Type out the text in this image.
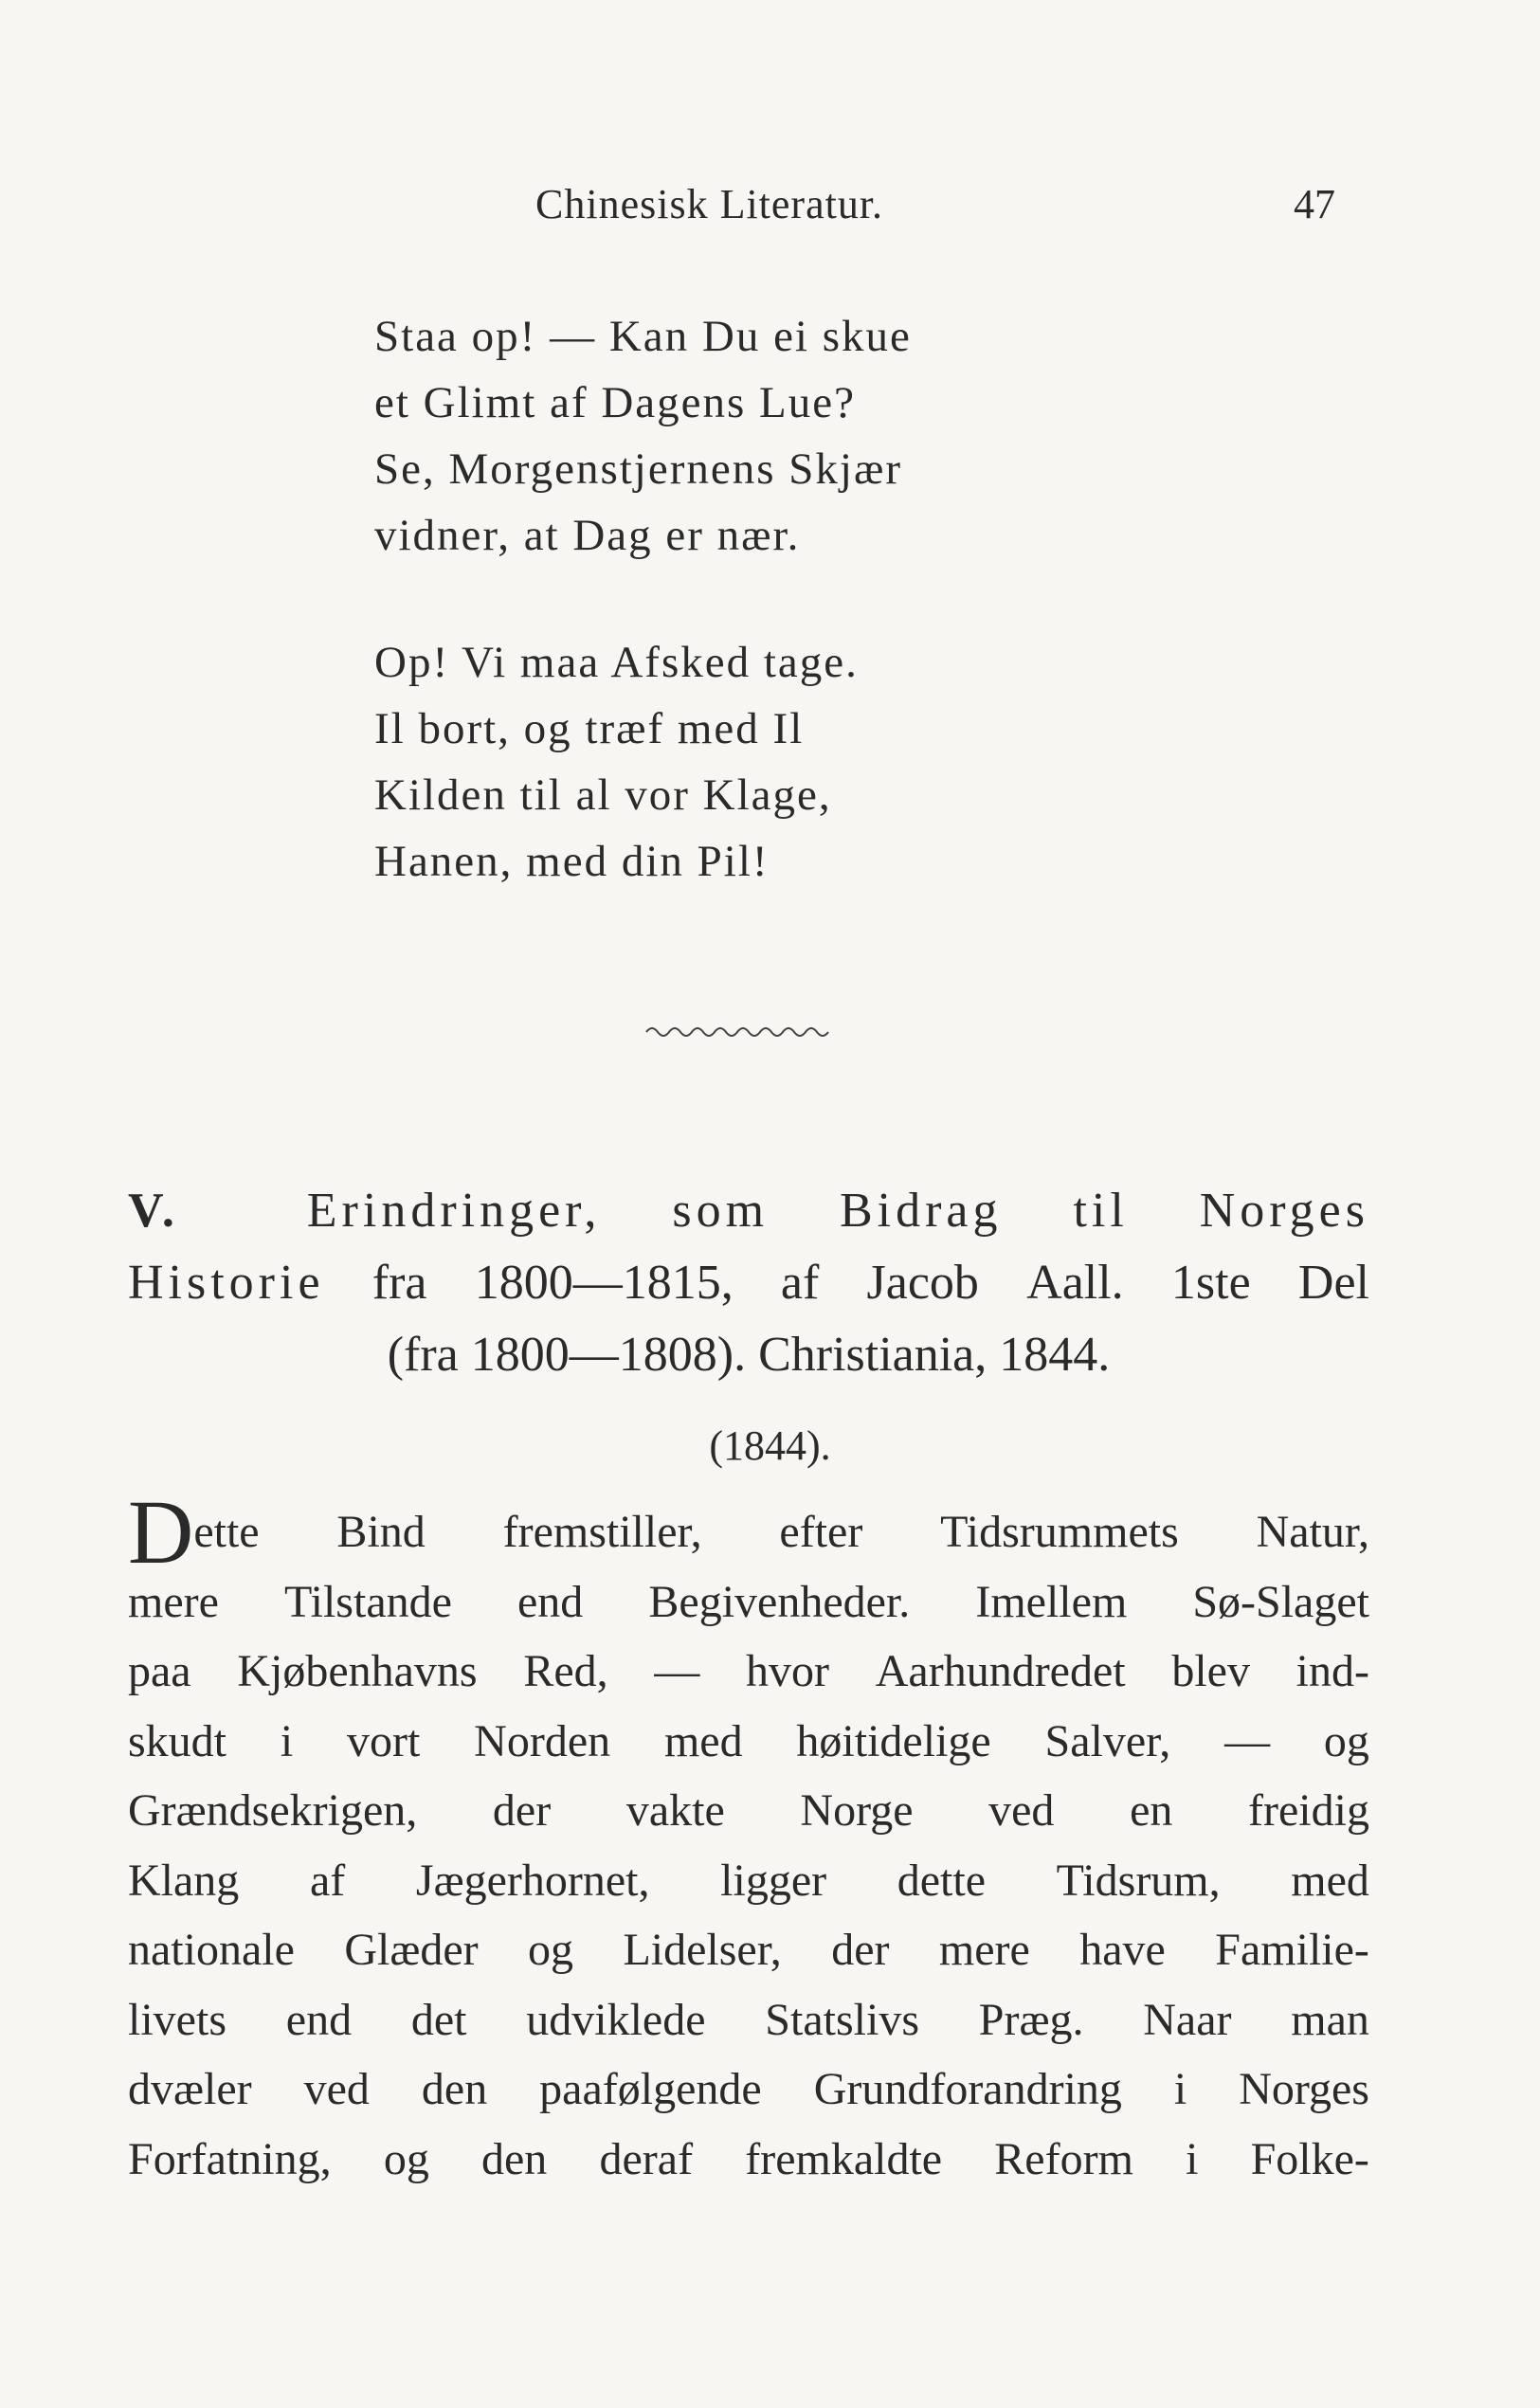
Chinesisk Literatur.	47
Staa op! — Kan Du ei skue
et Glimt af Dagens Lue?
Se, Morgenstjernens Skjær
vidner, at Dag er nær.
Op! Vi maa Afsked tage.
Il bort, og træf med Il
Kilden til al vor Klage,
Hanen, med din Pil!
V.	Erindringer, som Bidrag til Norges
Historie fra 1800—1815, af Jacob Aall. 1ste Del
(fra 1800—1808). Christiania, 1844.
(1844).
Dette Bind fremstiller, efter Tidsrummets Natur,
mere Tilstande end Begivenheder. Imellem Sø-Slaget
paa Kjøbenhavns Red, — hvor Aarhundredet blev ind-
skudt i vort Norden med høitidelige Salver, — og
Grændsekrigen, der vakte Norge ved en freidig
Klang af Jægerhornet, ligger dette Tidsrum, med
nationale Glæder og Lidelser, der mere have Familie-
livets end det udviklede Statslivs Præg. Naar man
dvæler ved den paafølgende Grundforandring i Norges
Forfatning, og den deraf fremkaldte Reform i Folke-
